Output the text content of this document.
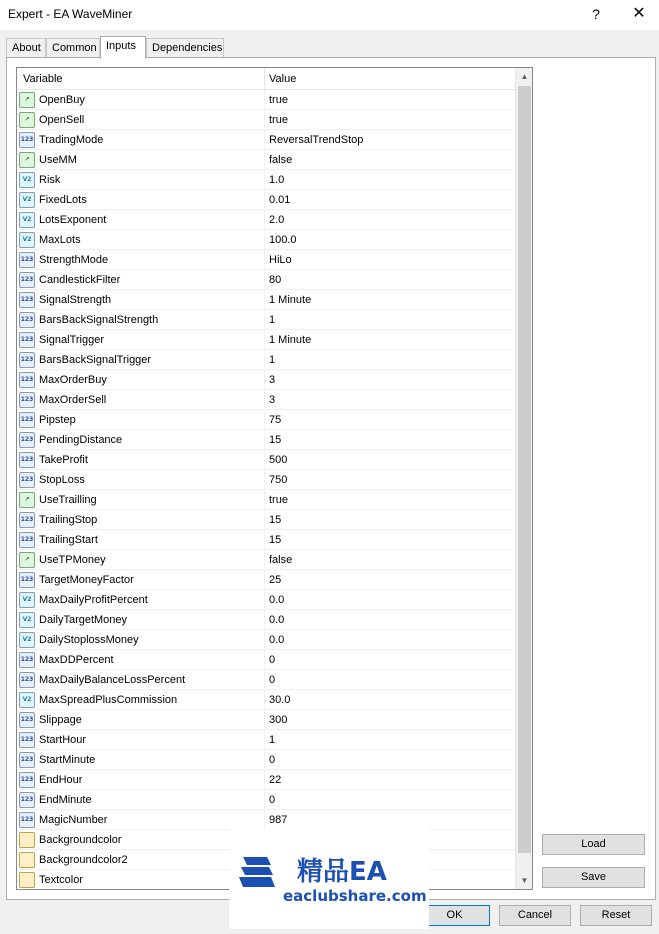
Expert - EA WaveMiner	?	✕
About	Common Inputs	Dependencies
Variable	Value
↗ OpenBuy	true
↗ OpenSell	true
123 TradingMode	ReversalTrendStop
↗ UseMM	false
V2 Risk	1.0
V2 FixedLots	0.01
V2 LotsExponent	2.0
V2 MaxLots	100.0
123 StrengthMode	HiLo
123 CandlestickFilter	80
123 SignalStrength	1 Minute
123 BarsBackSignalStrength	1
123 SignalTrigger	1 Minute
123 BarsBackSignalTrigger	1
123 MaxOrderBuy	3
123 MaxOrderSell	3
123 Pipstep	75
123 PendingDistance	15
123 TakeProfit	500
123 StopLoss	750
↗ UseTrailling	true
123 TrailingStop	15
123 TrailingStart	15
↗ UseTPMoney	false
123 TargetMoneyFactor	25
V2 MaxDailyProfitPercent	0.0
V2 DailyTargetMoney	0.0
V2 DailyStoplossMoney	0.0
123 MaxDDPercent	0
123 MaxDailyBalanceLossPercent	0
V2 MaxSpreadPlusCommission	30.0
123 Slippage	300
123 StartHour	1
123 StartMinute	0
123 EndHour	22
123 EndMinute	0
123 MagicNumber	987
Backgroundcolor
Backgroundcolor2
Textcolor
▲
▼
Load
Save
OK	Cancel	Reset
精品EA
eaclubshare.com
